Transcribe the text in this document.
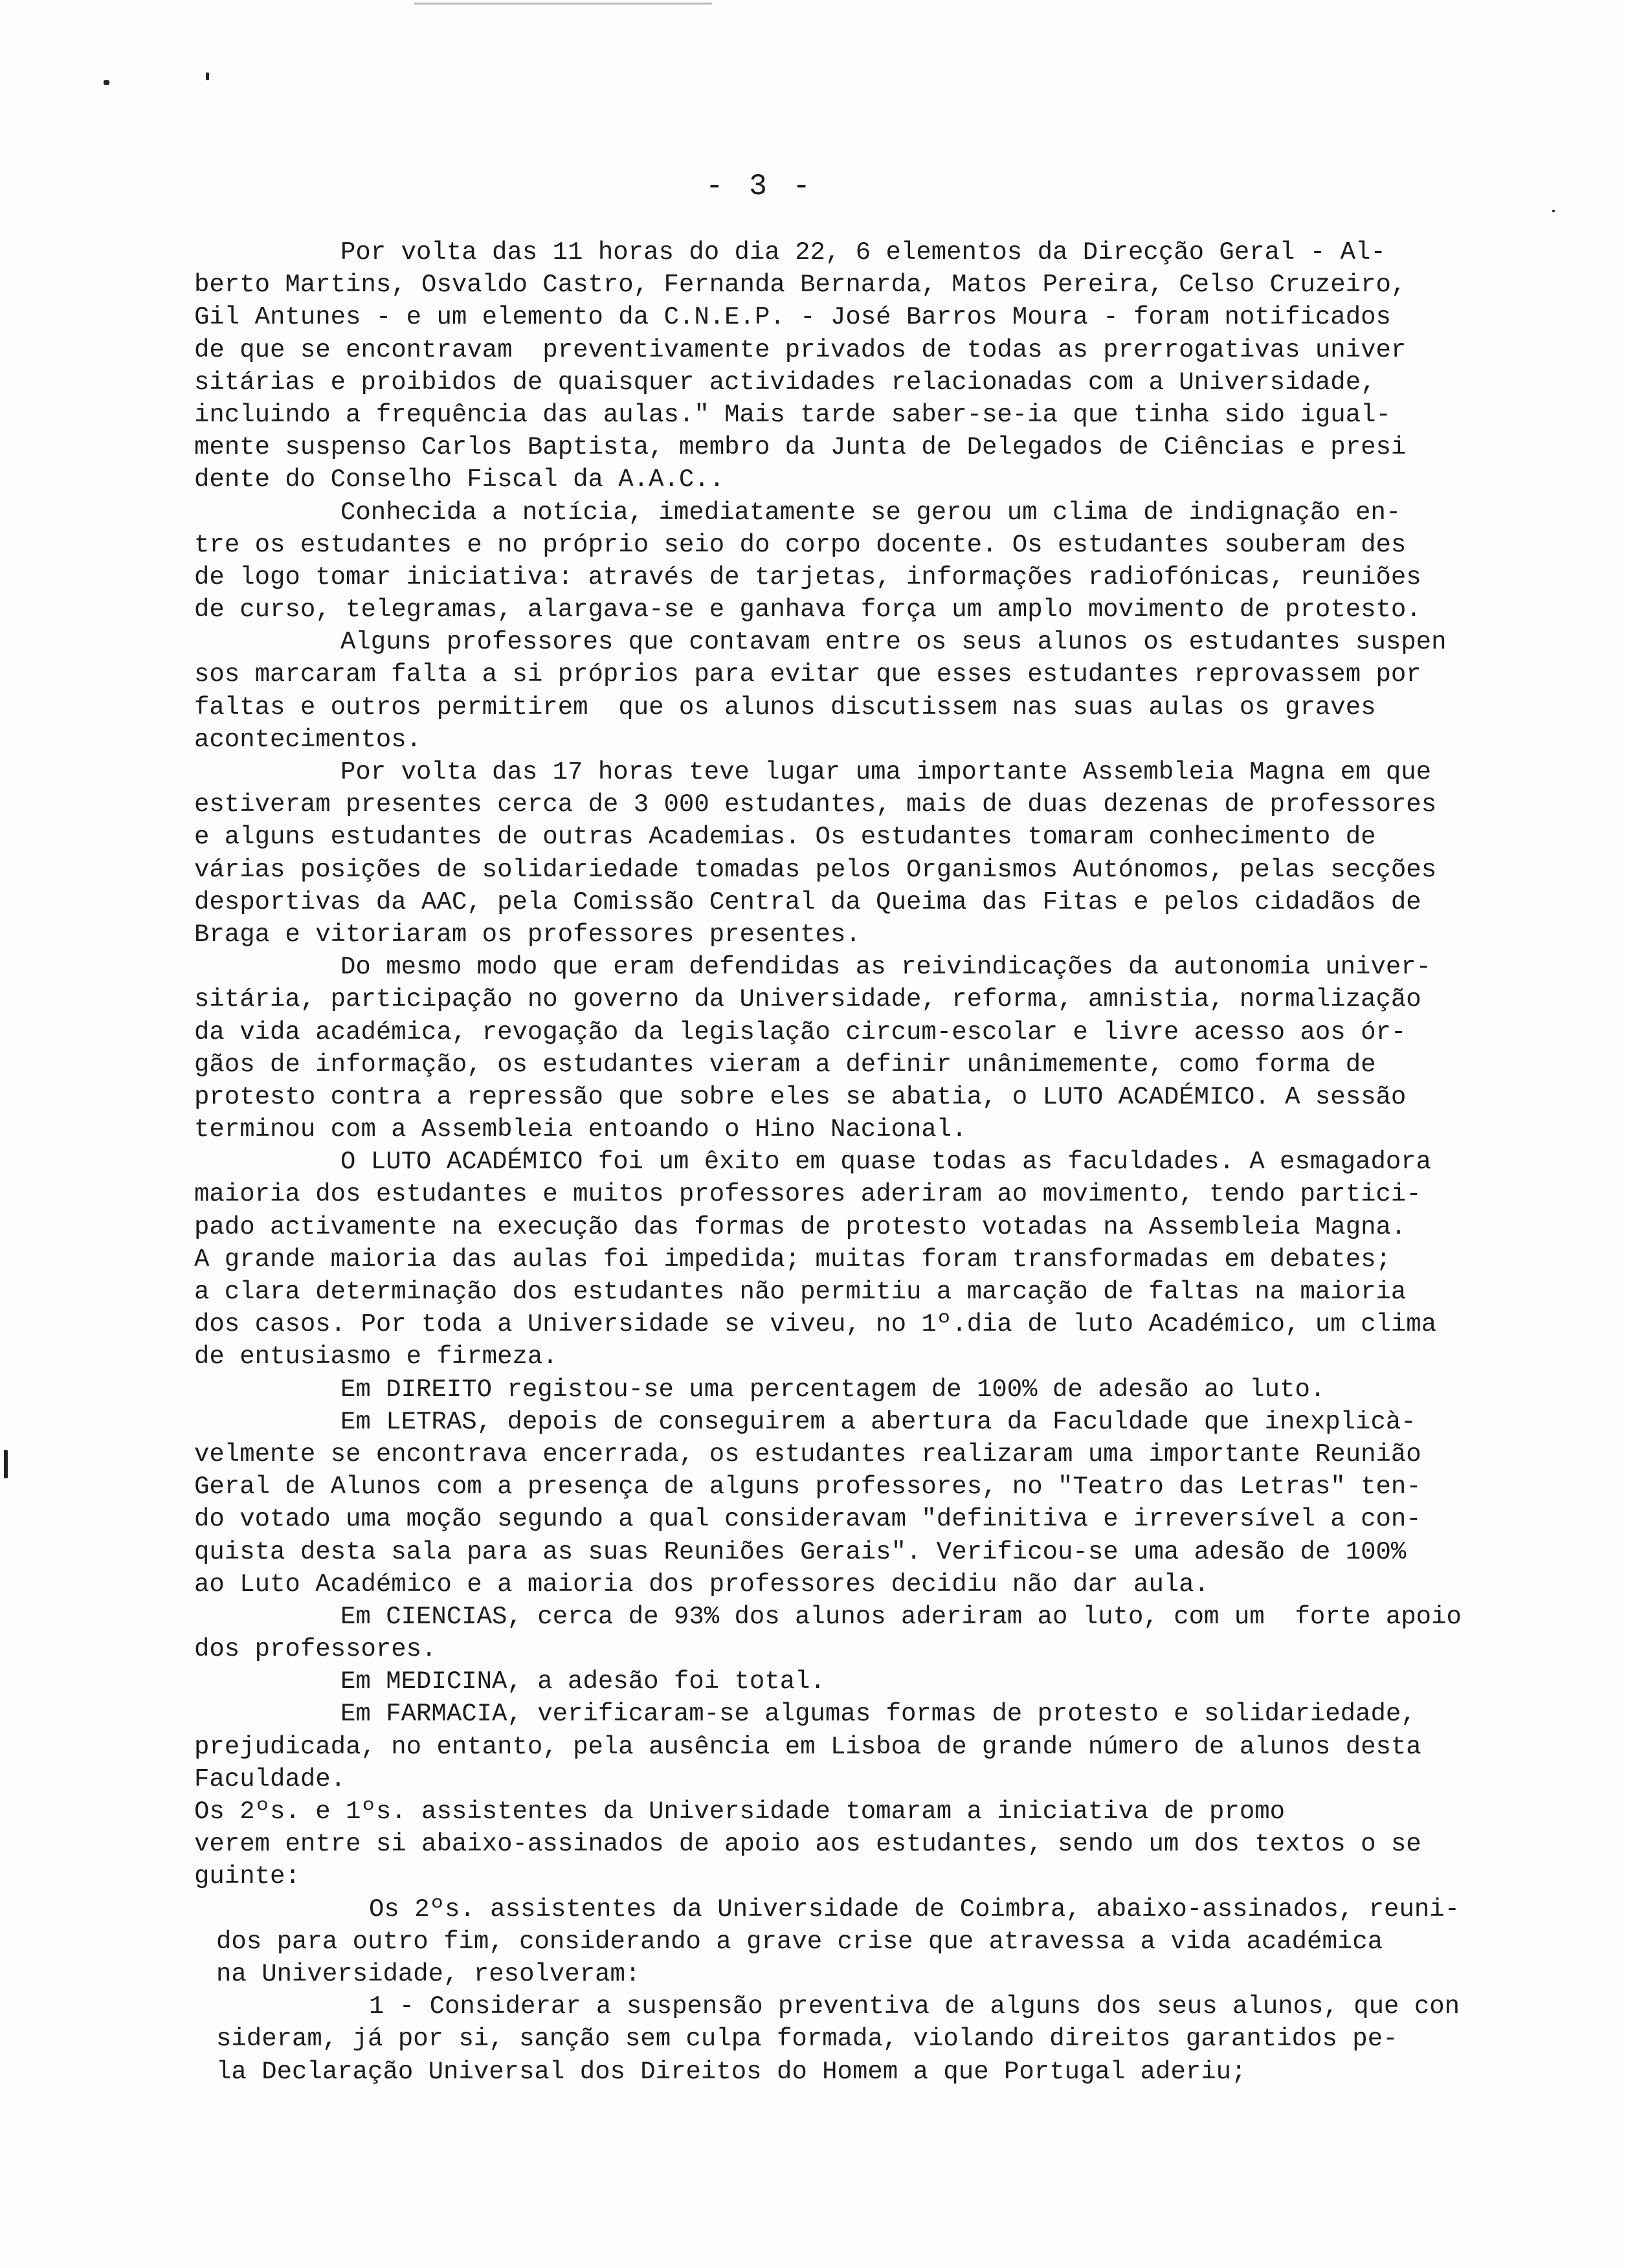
- 3 -
Por volta das 11 horas do dia 22, 6 elementos da Direcção Geral - Al-
berto Martins, Osvaldo Castro, Fernanda Bernarda, Matos Pereira, Celso Cruzeiro,
Gil Antunes - e um elemento da C.N.E.P. - José Barros Moura - foram notificados
de que se encontravam  preventivamente privados de todas as prerrogativas univer
sitárias e proibidos de quaisquer actividades relacionadas com a Universidade,
incluindo a frequência das aulas." Mais tarde saber-se-ia que tinha sido igual-
mente suspenso Carlos Baptista, membro da Junta de Delegados de Ciências e presi
dente do Conselho Fiscal da A.A.C..
Conhecida a notícia, imediatamente se gerou um clima de indignação en-
tre os estudantes e no próprio seio do corpo docente. Os estudantes souberam des
de logo tomar iniciativa: através de tarjetas, informações radiofónicas, reuniões
de curso, telegramas, alargava-se e ganhava força um amplo movimento de protesto.
Alguns professores que contavam entre os seus alunos os estudantes suspen
sos marcaram falta a si próprios para evitar que esses estudantes reprovassem por
faltas e outros permitirem  que os alunos discutissem nas suas aulas os graves
acontecimentos.
Por volta das 17 horas teve lugar uma importante Assembleia Magna em que
estiveram presentes cerca de 3 000 estudantes, mais de duas dezenas de professores
e alguns estudantes de outras Academias. Os estudantes tomaram conhecimento de
várias posições de solidariedade tomadas pelos Organismos Autónomos, pelas secções
desportivas da AAC, pela Comissão Central da Queima das Fitas e pelos cidadãos de
Braga e vitoriaram os professores presentes.
Do mesmo modo que eram defendidas as reivindicações da autonomia univer-
sitária, participação no governo da Universidade, reforma, amnistia, normalização
da vida académica, revogação da legislação circum-escolar e livre acesso aos ór-
gãos de informação, os estudantes vieram a definir unânimemente, como forma de
protesto contra a repressão que sobre eles se abatia, o LUTO ACADÉMICO. A sessão
terminou com a Assembleia entoando o Hino Nacional.
O LUTO ACADÉMICO foi um êxito em quase todas as faculdades. A esmagadora
maioria dos estudantes e muitos professores aderiram ao movimento, tendo partici-
pado activamente na execução das formas de protesto votadas na Assembleia Magna.
A grande maioria das aulas foi impedida; muitas foram transformadas em debates;
a clara determinação dos estudantes não permitiu a marcação de faltas na maioria
dos casos. Por toda a Universidade se viveu, no 1º.dia de luto Académico, um clima
de entusiasmo e firmeza.
Em DIREITO registou-se uma percentagem de 100% de adesão ao luto.
Em LETRAS, depois de conseguirem a abertura da Faculdade que inexplicà-
velmente se encontrava encerrada, os estudantes realizaram uma importante Reunião
Geral de Alunos com a presença de alguns professores, no "Teatro das Letras" ten-
do votado uma moção segundo a qual consideravam "definitiva e irreversível a con-
quista desta sala para as suas Reuniões Gerais". Verificou-se uma adesão de 100%
ao Luto Académico e a maioria dos professores decidiu não dar aula.
Em CIENCIAS, cerca de 93% dos alunos aderiram ao luto, com um  forte apoio
dos professores.
Em MEDICINA, a adesão foi total.
Em FARMACIA, verificaram-se algumas formas de protesto e solidariedade,
prejudicada, no entanto, pela ausência em Lisboa de grande número de alunos desta
Faculdade.
Os 2ºs. e 1ºs. assistentes da Universidade tomaram a iniciativa de promo
verem entre si abaixo-assinados de apoio aos estudantes, sendo um dos textos o se
guinte:
Os 2ºs. assistentes da Universidade de Coimbra, abaixo-assinados, reuni-
dos para outro fim, considerando a grave crise que atravessa a vida académica
na Universidade, resolveram:
1 - Considerar a suspensão preventiva de alguns dos seus alunos, que con
sideram, já por si, sanção sem culpa formada, violando direitos garantidos pe-
la Declaração Universal dos Direitos do Homem a que Portugal aderiu;
